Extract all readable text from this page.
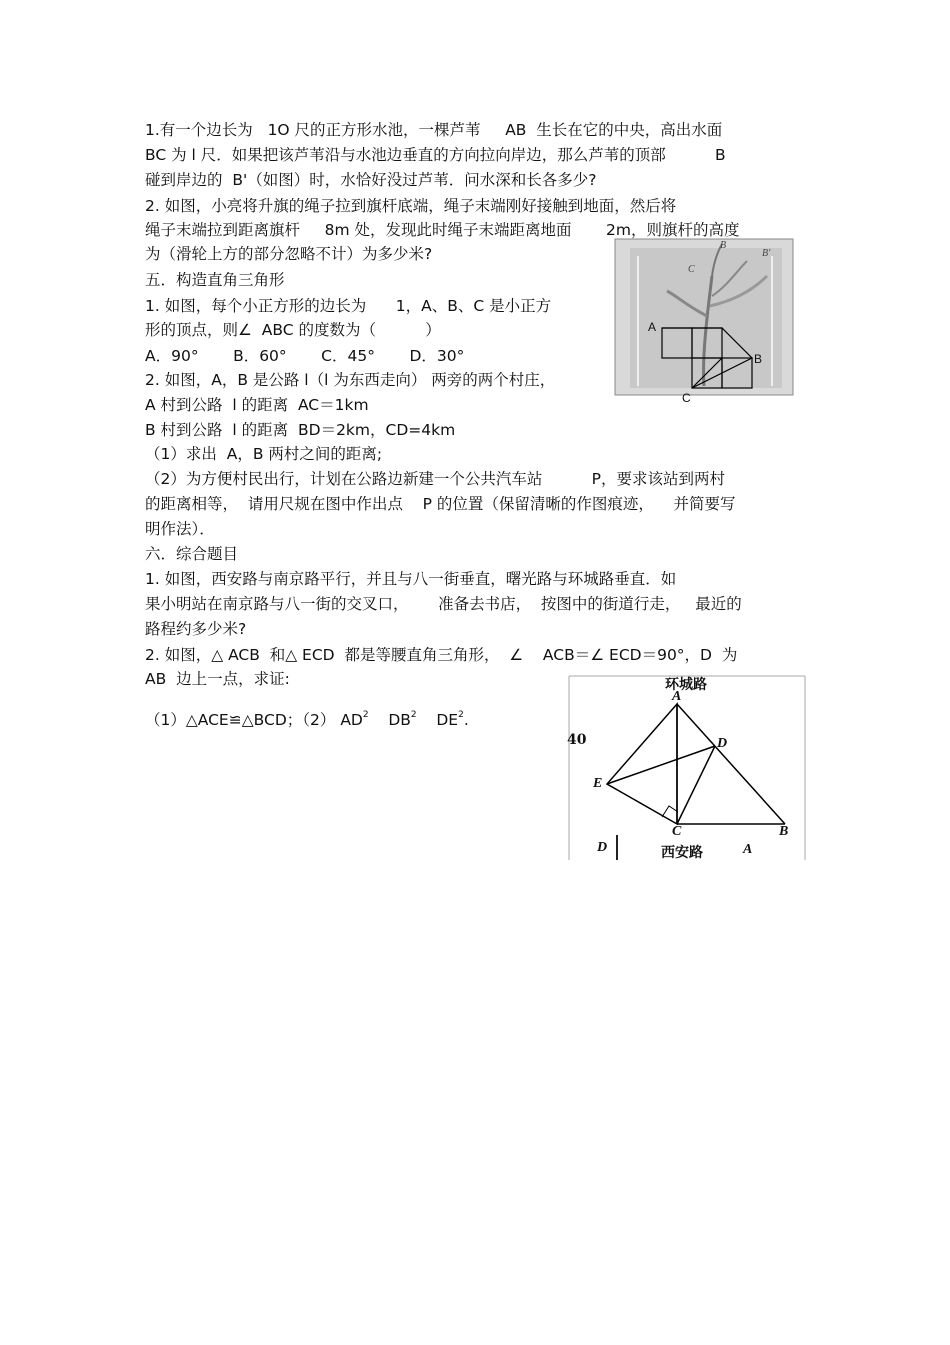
1.有一个边长为   1O 尺的正方形水池，一棵芦苇     AB  生长在它的中央，高出水面
BC 为 l 尺．如果把该芦苇沿与水池边垂直的方向拉向岸边，那么芦苇的顶部          B
碰到岸边的  B'（如图）时，水恰好没过芦苇．问水深和长各多少?
2. 如图，小亮将升旗的绳子拉到旗杆底端，绳子末端刚好接触到地面，然后将
绳子末端拉到距离旗杆     8m 处，发现此时绳子末端距离地面       2m，则旗杆的高度
为（滑轮上方的部分忽略不计）为多少米?
五．构造直角三角形
1. 如图，每个小正方形的边长为      1，A、B、C 是小正方
形的顶点，则∠  ABC 的度数为（          ）
A．90°       B．60°       C．45°       D．30°
2. 如图，A，B 是公路 l（l 为东西走向） 两旁的两个村庄，
A 村到公路  l 的距离  AC＝1km
B 村到公路  l 的距离  BD＝2km，CD=4km
（1）求出  A，B 两村之间的距离;
（2）为方便村民出行，计划在公路边新建一个公共汽车站          P，要求该站到两村
的距离相等，  请用尺规在图中作出点    P 的位置（保留清晰的作图痕迹，    并简要写
明作法）．
六．综合题目
1. 如图，西安路与南京路平行，并且与八一街垂直，曙光路与环城路垂直．如
果小明站在南京路与八一街的交叉口，      准备去书店，  按图中的街道行走，   最近的
路程约多少米?
2. 如图，△ ACB  和△ ECD  都是等腰直角三角形，  ∠    ACB＝∠ ECD＝90°，D  为
AB  边上一点，求证:
（1）△ACE≌△BCD；（2） $AD^2$ $DB^2$ $DE^2$.
B
C
B'
A
B
C
环城路
40
西安路
A
B
C
D
E
D	A
